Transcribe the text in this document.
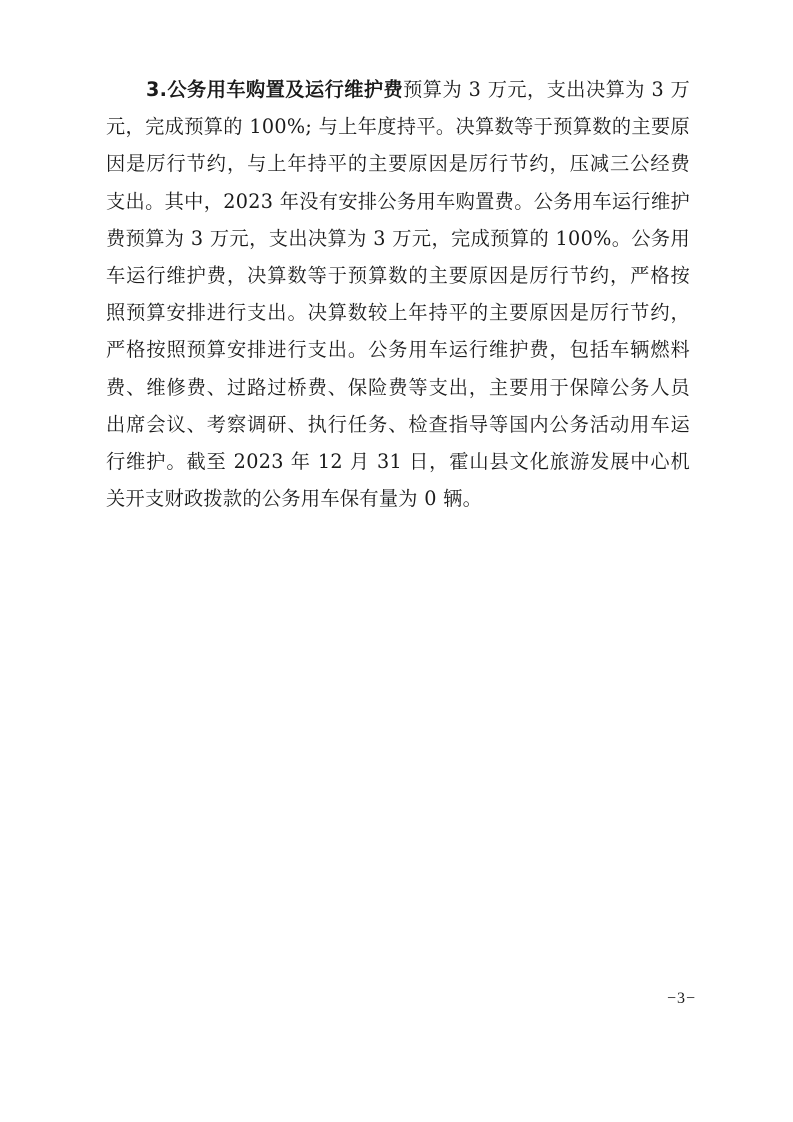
3.公务用车购置及运行维护费预算为 3 万元，支出决算为 3 万元，完成预算的 100%; 与上年度持平。决算数等于预算数的主要原因是厉行节约，与上年持平的主要原因是厉行节约，压减三公经费支出。其中，2023 年没有安排公务用车购置费。公务用车运行维护费预算为 3 万元，支出决算为 3 万元，完成预算的 100%。公务用车运行维护费，决算数等于预算数的主要原因是厉行节约，严格按照预算安排进行支出。决算数较上年持平的主要原因是厉行节约，严格按照预算安排进行支出。公务用车运行维护费，包括车辆燃料费、维修费、过路过桥费、保险费等支出，主要用于保障公务人员出席会议、考察调研、执行任务、检查指导等国内公务活动用车运行维护。截至 2023 年 12 月 31 日，霍山县文化旅游发展中心机关开支财政拨款的公务用车保有量为 0 辆。

−3−
